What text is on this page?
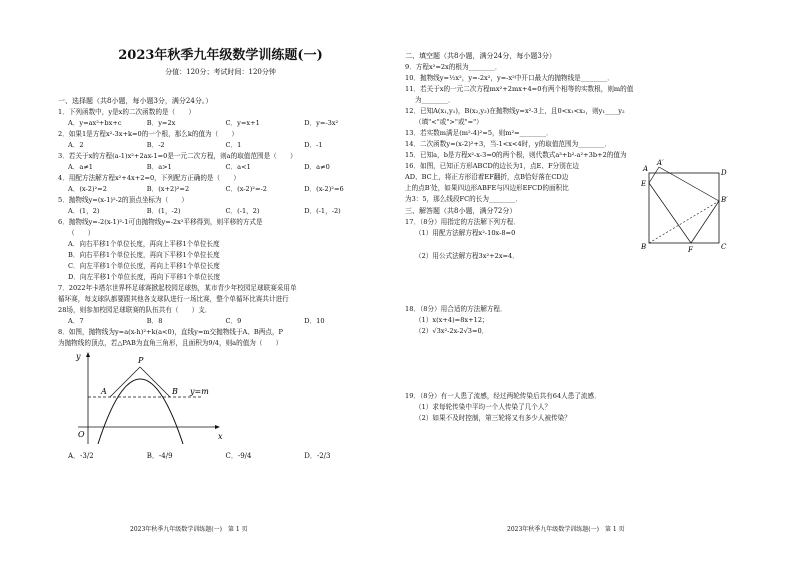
2023年秋季九年级数学训练题(一)
分值：120分；考试时间：120分钟
一、选择题（共8小题，每小题3分，满分24分。）
1．下列函数中，y是x的二次函数的是（　　）
A．y=ax²+bx+c	B．y=2x	C．y=x+1	D．y=-3x²
2．如果1是方程x²-3x+k=0的一个根，那么k的值为（　　）
A．2	B．-2	C．1	D．-1
3．若关于x的方程(a-1)x²+2ax-1=0是一元二次方程，则a的取值范围是（　　）
A．a≠1	B．a>1	C．a<1	D．a≠0
4．用配方法解方程x²+4x+2=0，下列配方正确的是（　　）
A．(x-2)²=2	B．(x+2)²=2	C．(x-2)²=-2	D．(x-2)²=6
5．抛物线y=(x-1)²-2的顶点坐标为（　　）
A．(1，2)	B．(1，-2)	C．(-1，2)	D．(-1，-2)
6．抛物线y=-2(x-1)²-1可由抛物线y=-2x²平移得到，则平移的方式是
（　　）
A．向右平移1个单位长度，再向上平移1个单位长度
B．向右平移1个单位长度，再向下平移1个单位长度
C．向左平移1个单位长度，再向上平移1个单位长度
D．向左平移1个单位长度，再向下平移1个单位长度
7．2022年卡塔尔世界杯足球赛掀起校园足球热，某市青少年校园足球联赛采用单
循环赛，每支球队都要跟其他各支球队进行一场比赛，整个单循环比赛共计进行
28场，则参加校园足球联赛的队伍共有（　　）支．
A．7	B．8	C．9	D．10
8．如图，抛物线为y=a(x-h)²+k(a<0)，直线y=m交抛物线于A、B两点，P
为抛物线的顶点，若△PAB为直角三角形，且面积为9/4，则a的值为（　　）
y
x
O
P
A	B y=m
A．-3/2	B．-4/9	C．-9/4	D．-2/3
2023年秋季九年级数学训练题(一)　第 1 页
二、填空题（共8小题，满分24分，每小题3分）
9．方程x²=2x的根为________．
10．抛物线y=½x²，y=-2x²，y=-x²中开口最大的抛物线是________．
11．若关于x的一元二次方程mx²+2mx+4=0有两个相等的实数根，则m的值
为________．
12．已知A(x₁,y₁)，B(x₂,y₂)在抛物线y=x²-3上，且0<x₁<x₂，则y₁____y₂
（填"<"或">"或"="）
13．若实数m满足(m²-4)²=5，则m²=________．
14．二次函数y=(x-2)²+3，当-1<x<4时，y的取值范围为________．
15．已知a，b是方程x²-x-3=0的两个根，则代数式a³+b²-a²+3b+2的值为
16．如图，已知正方形ABCD的边长为1，点E、F分别在边
AD、BC上，将正方形沿着EF翻折，点B恰好落在CD边
上的点B′处，如果四边形ABFE与四边形EFCD的面积比
为3：5，那么线段FC的长为________．
三、解答题（共8小题，满分72分）
17．（8分）用指定的方法解下列方程．
（1）用配方法解方程x²-10x-8=0
（2）用公式法解方程3x²+2x=4．
A
A′
D
E
B′
B	F	C
18．（8分）用合适的方法解方程．
（1）x(x+4)=8x+12；
（2）√3x²-2x-2√3=0．
19．（8分）有一人患了流感，经过两轮传染后共有64人患了流感．
（1）求每轮传染中平均一个人传染了几个人？
（2）如果不及时控制，第三轮将又有多少人被传染？
2023年秋季九年级数学训练题(一)　第 1 页
